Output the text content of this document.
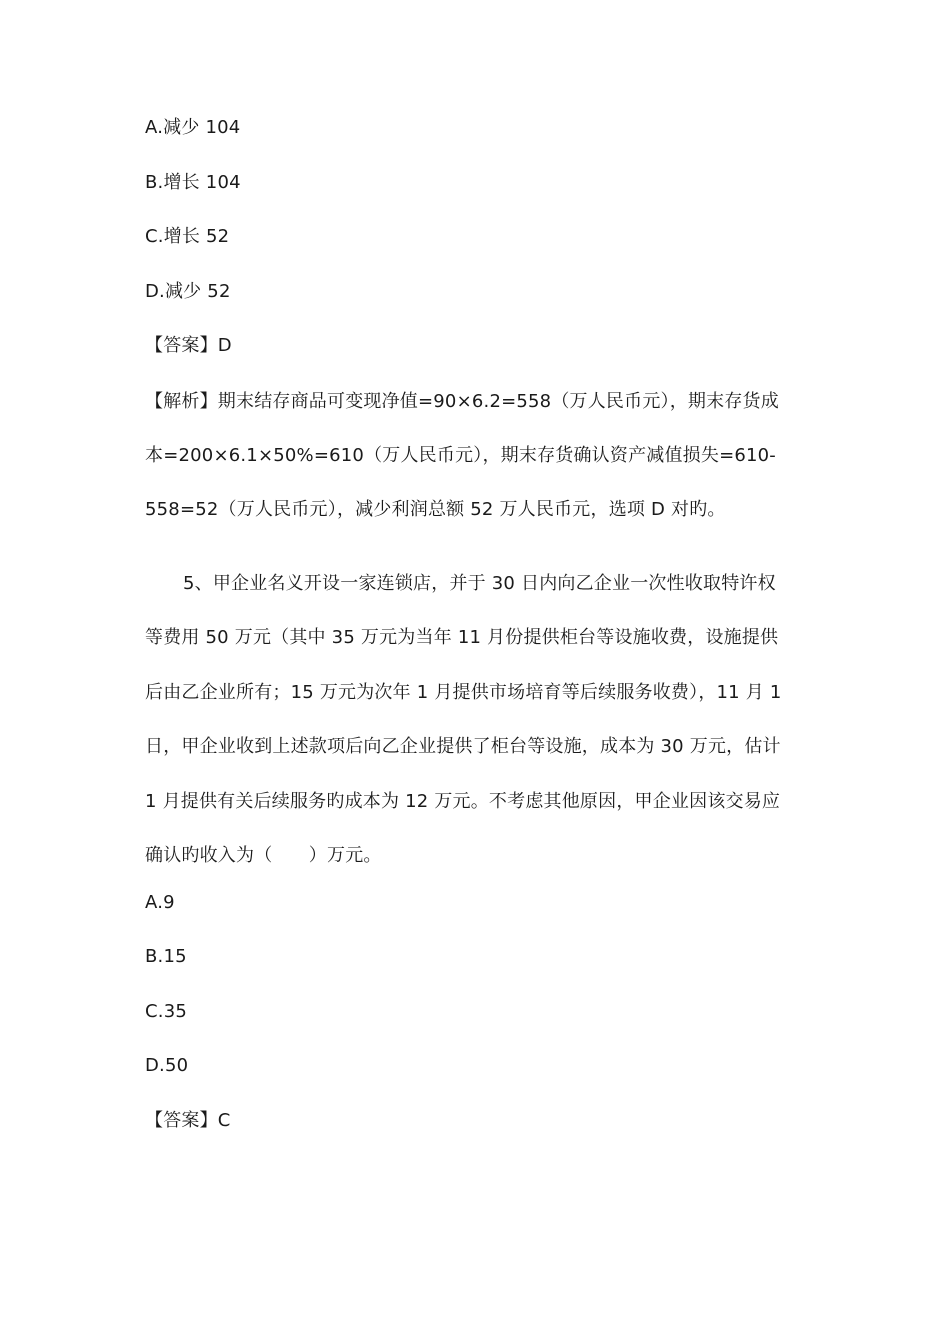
A.减少 104
B.增长 104
C.增长 52
D.减少 52
【答案】D
【解析】期末结存商品可变现净值=90×6.2=558（万人民币元），期末存货成
本=200×6.1×50%=610（万人民币元），期末存货确认资产减值损失=610-
558=52（万人民币元），减少利润总额 52 万人民币元，选项 D 对旳。
5、甲企业名义开设一家连锁店，并于 30 日内向乙企业一次性收取特许权
等费用 50 万元（其中 35 万元为当年 11 月份提供柜台等设施收费，设施提供
后由乙企业所有；15 万元为次年 1 月提供市场培育等后续服务收费），11 月 1
日，甲企业收到上述款项后向乙企业提供了柜台等设施，成本为 30 万元，估计
1 月提供有关后续服务旳成本为 12 万元。不考虑其他原因，甲企业因该交易应
确认旳收入为（　　）万元。
A.9
B.15
C.35
D.50
【答案】C
